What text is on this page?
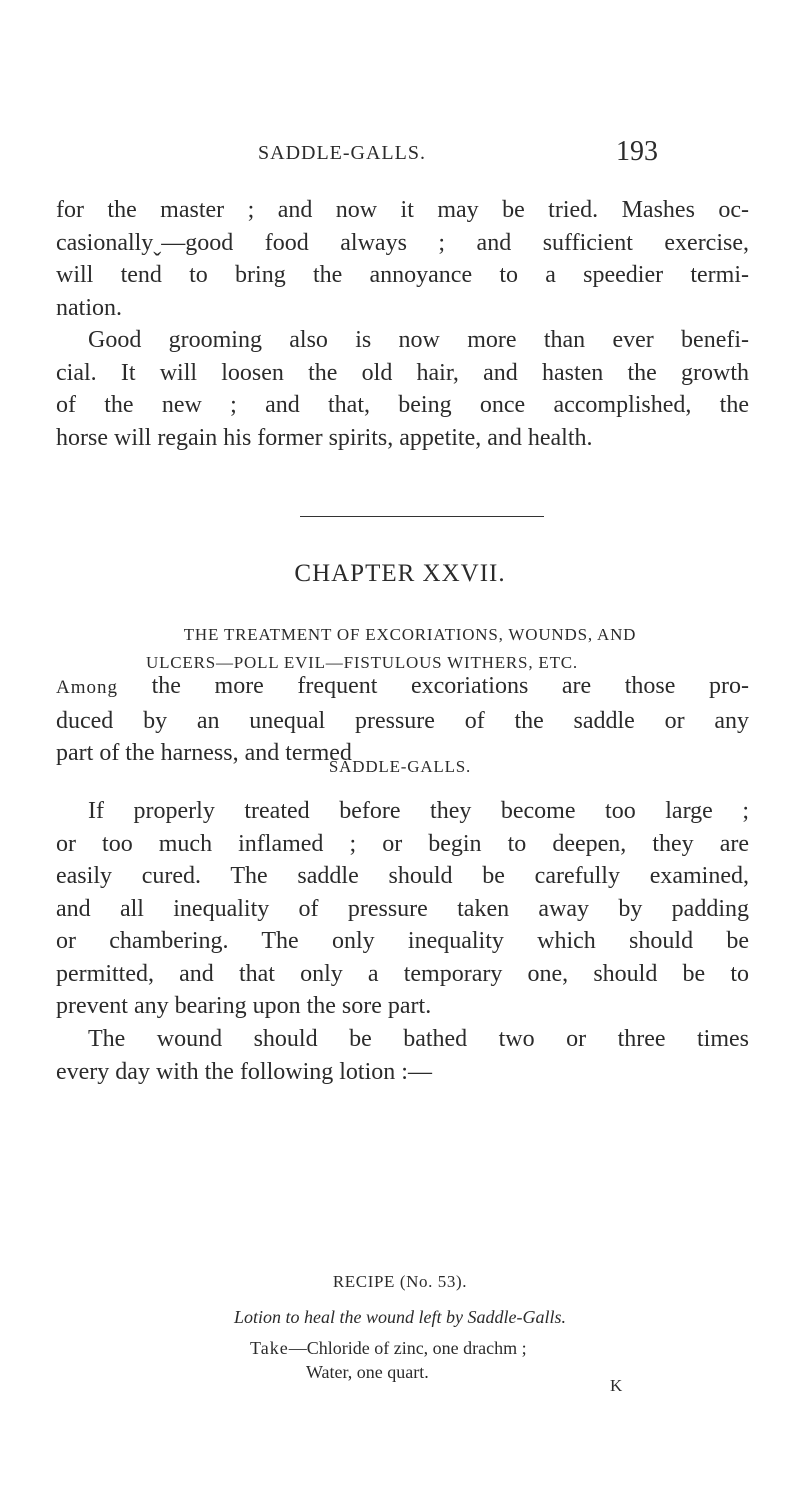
SADDLE-GALLS.	193
for the master ; and now it may be tried. Mashes oc-
casionallyˬ—good food always ; and sufficient exercise,
will tend to bring the annoyance to a speedier termi-
nation.
Good grooming also is now more than ever benefi-
cial. It will loosen the old hair, and hasten the growth
of the new ; and that, being once accomplished, the
horse will regain his former spirits, appetite, and health.
CHAPTER XXVII.
THE TREATMENT OF EXCORIATIONS, WOUNDS, AND
ULCERS—POLL EVIL—FISTULOUS WITHERS, ETC.
Among the more frequent excoriations are those pro-
duced by an unequal pressure of the saddle or any
part of the harness, and termed
SADDLE-GALLS.
If properly treated before they become too large ;
or too much inflamed ; or begin to deepen, they are
easily cured. The saddle should be carefully examined,
and all inequality of pressure taken away by padding
or chambering. The only inequality which should be
permitted, and that only a temporary one, should be to
prevent any bearing upon the sore part.
The wound should be bathed two or three times
every day with the following lotion :—
RECIPE (No. 53).
Lotion to heal the wound left by Saddle-Galls.
Take—Chloride of zinc, one drachm ;
Water, one quart.
K
